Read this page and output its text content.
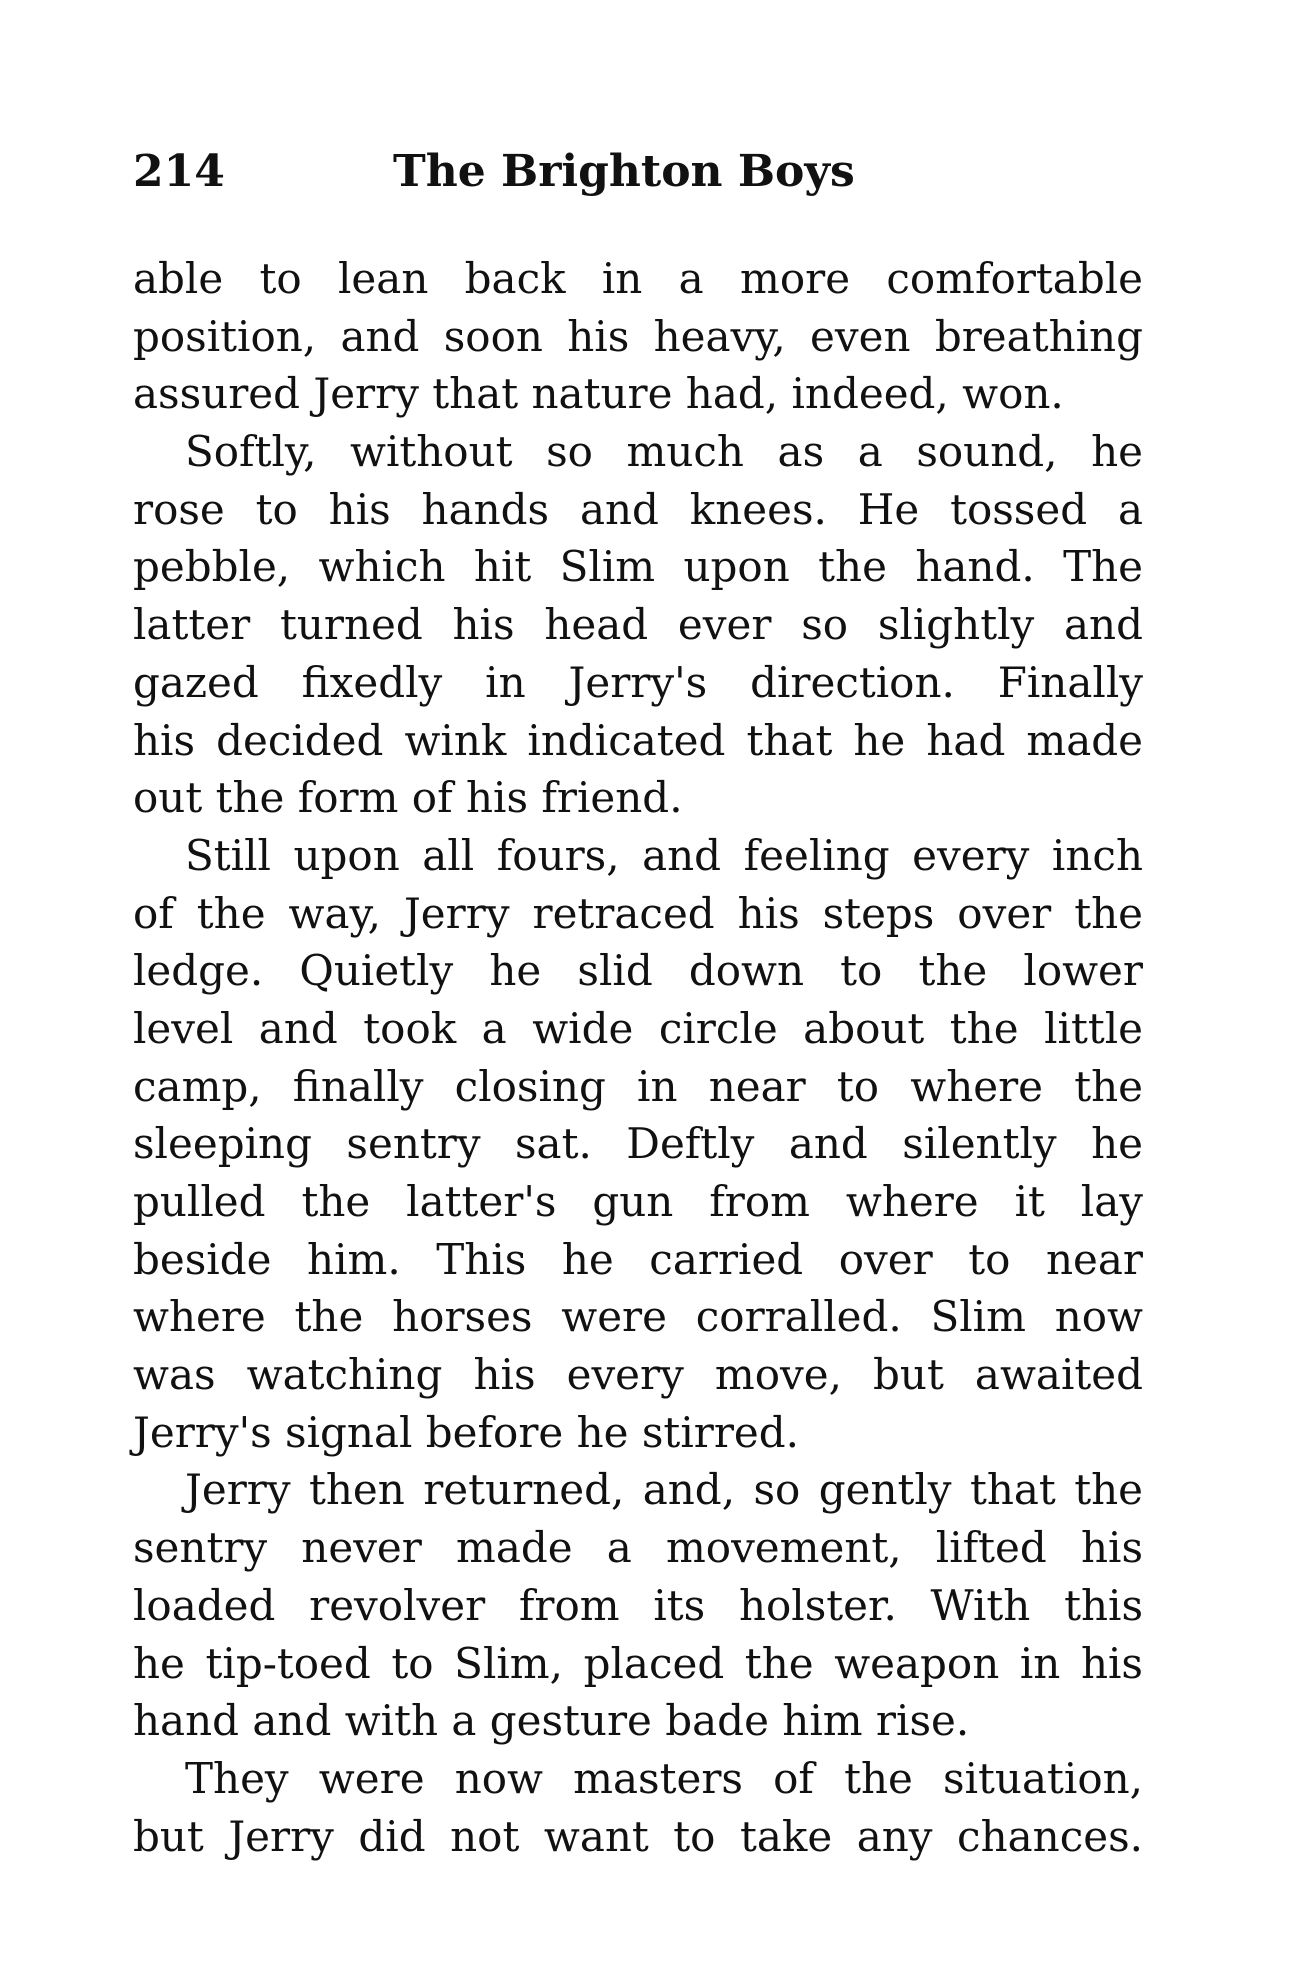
214	The Brighton Boys
able to lean back in a more comfortable
position, and soon his heavy, even breathing
assured Jerry that nature had, indeed, won.
Softly, without so much as a sound, he
rose to his hands and knees. He tossed a
pebble, which hit Slim upon the hand. The
latter turned his head ever so slightly and
gazed fixedly in Jerry's direction. Finally
his decided wink indicated that he had made
out the form of his friend.
Still upon all fours, and feeling every inch
of the way, Jerry retraced his steps over the
ledge. Quietly he slid down to the lower
level and took a wide circle about the little
camp, finally closing in near to where the
sleeping sentry sat. Deftly and silently he
pulled the latter's gun from where it lay
beside him. This he carried over to near
where the horses were corralled. Slim now
was watching his every move, but awaited
Jerry's signal before he stirred.
Jerry then returned, and, so gently that the
sentry never made a movement, lifted his
loaded revolver from its holster. With this
he tip-toed to Slim, placed the weapon in his
hand and with a gesture bade him rise.
They were now masters of the situation,
but Jerry did not want to take any chances.
